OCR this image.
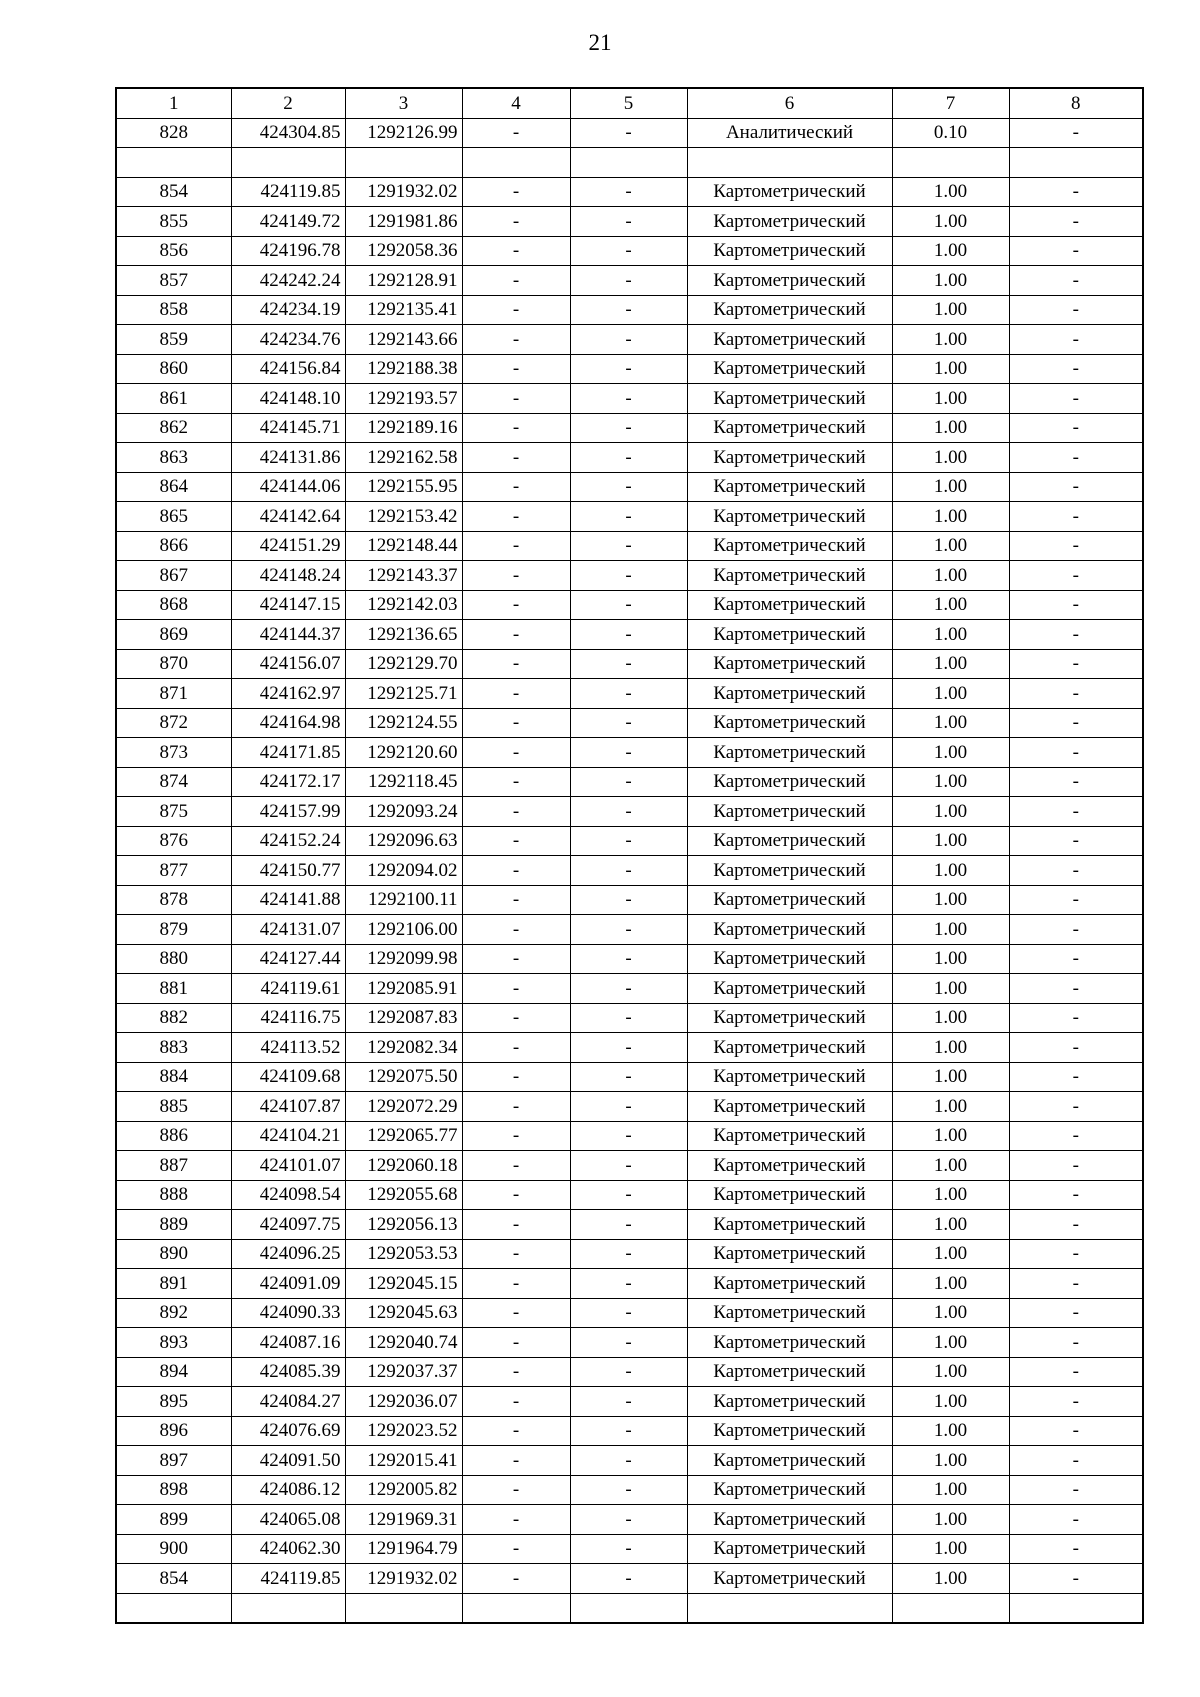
21
1	2	3	4	5	6	7	8
828	424304.85	1292126.99	-	-	Аналитический	0.10	-

854	424119.85	1291932.02	-	-	Картометрический	1.00	-
855	424149.72	1291981.86	-	-	Картометрический	1.00	-
856	424196.78	1292058.36	-	-	Картометрический	1.00	-
857	424242.24	1292128.91	-	-	Картометрический	1.00	-
858	424234.19	1292135.41	-	-	Картометрический	1.00	-
859	424234.76	1292143.66	-	-	Картометрический	1.00	-
860	424156.84	1292188.38	-	-	Картометрический	1.00	-
861	424148.10	1292193.57	-	-	Картометрический	1.00	-
862	424145.71	1292189.16	-	-	Картометрический	1.00	-
863	424131.86	1292162.58	-	-	Картометрический	1.00	-
864	424144.06	1292155.95	-	-	Картометрический	1.00	-
865	424142.64	1292153.42	-	-	Картометрический	1.00	-
866	424151.29	1292148.44	-	-	Картометрический	1.00	-
867	424148.24	1292143.37	-	-	Картометрический	1.00	-
868	424147.15	1292142.03	-	-	Картометрический	1.00	-
869	424144.37	1292136.65	-	-	Картометрический	1.00	-
870	424156.07	1292129.70	-	-	Картометрический	1.00	-
871	424162.97	1292125.71	-	-	Картометрический	1.00	-
872	424164.98	1292124.55	-	-	Картометрический	1.00	-
873	424171.85	1292120.60	-	-	Картометрический	1.00	-
874	424172.17	1292118.45	-	-	Картометрический	1.00	-
875	424157.99	1292093.24	-	-	Картометрический	1.00	-
876	424152.24	1292096.63	-	-	Картометрический	1.00	-
877	424150.77	1292094.02	-	-	Картометрический	1.00	-
878	424141.88	1292100.11	-	-	Картометрический	1.00	-
879	424131.07	1292106.00	-	-	Картометрический	1.00	-
880	424127.44	1292099.98	-	-	Картометрический	1.00	-
881	424119.61	1292085.91	-	-	Картометрический	1.00	-
882	424116.75	1292087.83	-	-	Картометрический	1.00	-
883	424113.52	1292082.34	-	-	Картометрический	1.00	-
884	424109.68	1292075.50	-	-	Картометрический	1.00	-
885	424107.87	1292072.29	-	-	Картометрический	1.00	-
886	424104.21	1292065.77	-	-	Картометрический	1.00	-
887	424101.07	1292060.18	-	-	Картометрический	1.00	-
888	424098.54	1292055.68	-	-	Картометрический	1.00	-
889	424097.75	1292056.13	-	-	Картометрический	1.00	-
890	424096.25	1292053.53	-	-	Картометрический	1.00	-
891	424091.09	1292045.15	-	-	Картометрический	1.00	-
892	424090.33	1292045.63	-	-	Картометрический	1.00	-
893	424087.16	1292040.74	-	-	Картометрический	1.00	-
894	424085.39	1292037.37	-	-	Картометрический	1.00	-
895	424084.27	1292036.07	-	-	Картометрический	1.00	-
896	424076.69	1292023.52	-	-	Картометрический	1.00	-
897	424091.50	1292015.41	-	-	Картометрический	1.00	-
898	424086.12	1292005.82	-	-	Картометрический	1.00	-
899	424065.08	1291969.31	-	-	Картометрический	1.00	-
900	424062.30	1291964.79	-	-	Картометрический	1.00	-
854	424119.85	1291932.02	-	-	Картометрический	1.00	-
